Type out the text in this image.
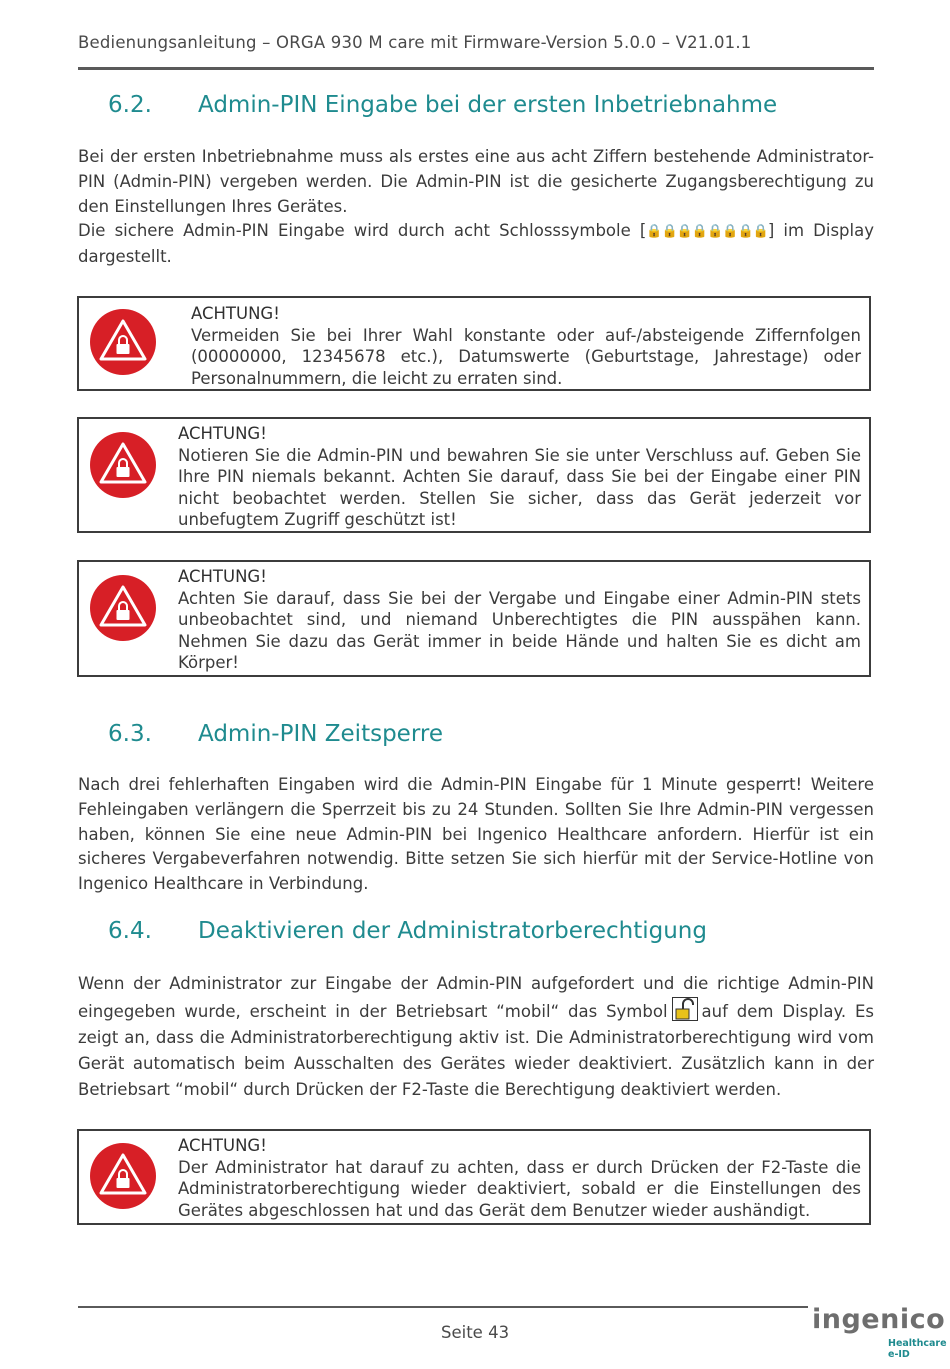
Bedienungsanleitung – ORGA 930 M care mit Firmware-Version 5.0.0 – V21.01.1
6.2. Admin-PIN Eingabe bei der ersten Inbetriebnahme

Bei der ersten Inbetriebnahme muss als erstes eine aus acht Ziffern bestehende Administrator-PIN (Admin-PIN) vergeben werden. Die Admin-PIN ist die gesicherte Zugangsberechtigung zu den Einstellungen Ihres Gerätes.

Die sichere Admin-PIN Eingabe wird durch acht Schlosssymbole [🔒🔒🔒🔒🔒🔒🔒🔒] im Display dargestellt.

ACHTUNG!
Vermeiden Sie bei Ihrer Wahl konstante oder auf-/absteigende Ziffernfolgen (00000000, 12345678 etc.), Datumswerte (Geburtstage, Jahrestage) oder Personalnummern, die leicht zu erraten sind.
ACHTUNG!
Notieren Sie die Admin-PIN und bewahren Sie sie unter Verschluss auf. Geben Sie Ihre PIN niemals bekannt. Achten Sie darauf, dass Sie bei der Eingabe einer PIN nicht beobachtet werden. Stellen Sie sicher, dass das Gerät jederzeit vor unbefugtem Zugriff geschützt ist!
ACHTUNG!
Achten Sie darauf, dass Sie bei der Vergabe und Eingabe einer Admin-PIN stets unbeobachtet sind, und niemand Unberechtigtes die PIN ausspähen kann. Nehmen Sie dazu das Gerät immer in beide Hände und halten Sie es dicht am Körper!
6.3. Admin-PIN Zeitsperre

Nach drei fehlerhaften Eingaben wird die Admin-PIN Eingabe für 1 Minute gesperrt! Weitere Fehleingaben verlängern die Sperrzeit bis zu 24 Stunden. Sollten Sie Ihre Admin-PIN vergessen haben, können Sie eine neue Admin-PIN bei Ingenico Healthcare anfordern. Hierfür ist ein sicheres Vergabeverfahren notwendig. Bitte setzen Sie sich hierfür mit der Service-Hotline von Ingenico Healthcare in Verbindung.

6.4. Deaktivieren der Administratorberechtigung

Wenn der Administrator zur Eingabe der Admin-PIN aufgefordert und die richtige Admin-PIN eingegeben wurde, erscheint in der Betriebsart “mobil“ das Symbol auf dem Display. Es zeigt an, dass die Administratorberechtigung aktiv ist. Die Administratorberechtigung wird vom Gerät automatisch beim Ausschalten des Gerätes wieder deaktiviert. Zusätzlich kann in der Betriebsart “mobil“ durch Drücken der F2-Taste die Berechtigung deaktiviert werden.

ACHTUNG!
Der Administrator hat darauf zu achten, dass er durch Drücken der F2-Taste die Administratorberechtigung wieder deaktiviert, sobald er die Einstellungen des Gerätes abgeschlossen hat und das Gerät dem Benutzer wieder aushändigt.
Seite 43	ingenico
Healthcare
e-ID
